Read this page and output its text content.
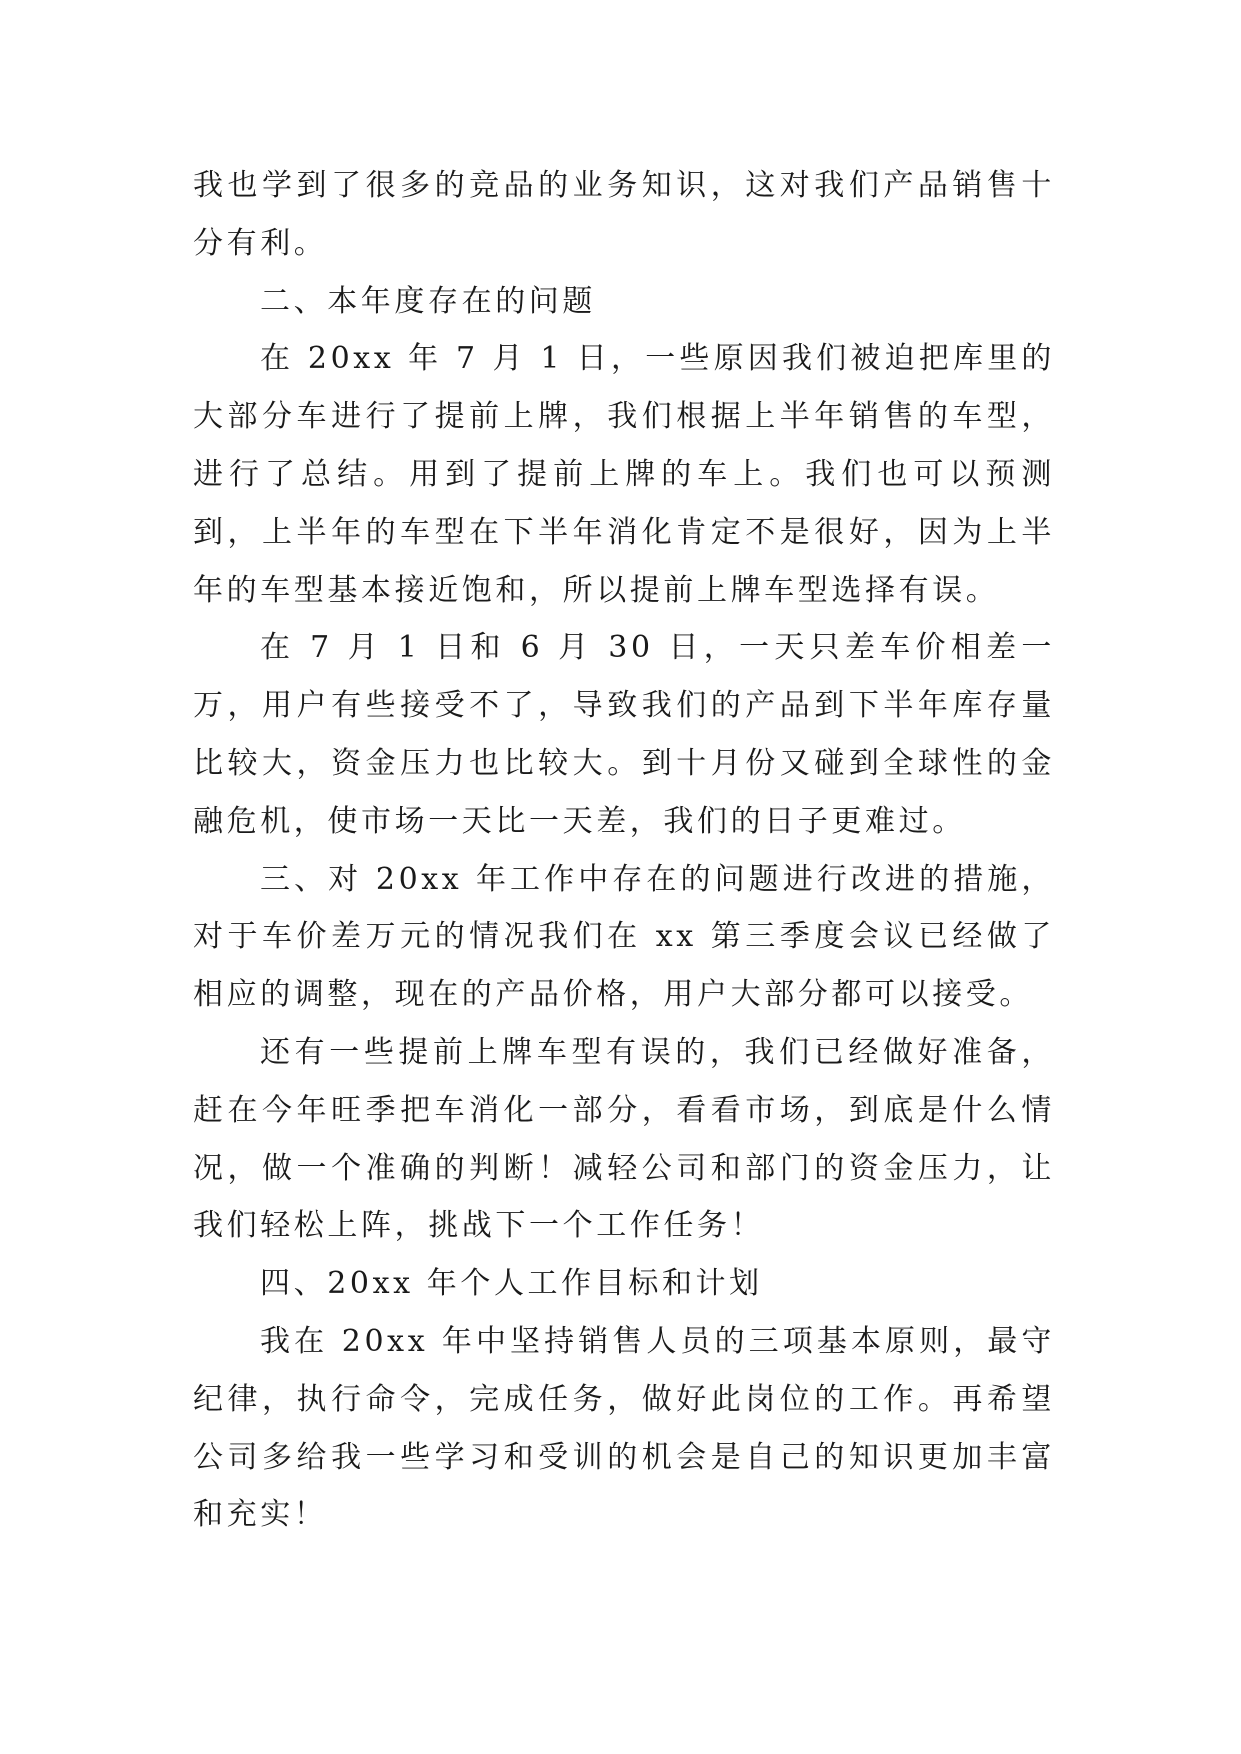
我也学到了很多的竞品的业务知识，这对我们产品销售十分有利。

二、本年度存在的问题

在 20xx 年 7 月 1 日，一些原因我们被迫把库里的大部分车进行了提前上牌，我们根据上半年销售的车型，进行了总结。用到了提前上牌的车上。我们也可以预测到，上半年的车型在下半年消化肯定不是很好，因为上半年的车型基本接近饱和，所以提前上牌车型选择有误。

在 7 月 1 日和 6 月 30 日，一天只差车价相差一万，用户有些接受不了，导致我们的产品到下半年库存量比较大，资金压力也比较大。到十月份又碰到全球性的金融危机，使市场一天比一天差，我们的日子更难过。

三、对 20xx 年工作中存在的问题进行改进的措施，对于车价差万元的情况我们在 xx 第三季度会议已经做了相应的调整，现在的产品价格，用户大部分都可以接受。

还有一些提前上牌车型有误的，我们已经做好准备，赶在今年旺季把车消化一部分，看看市场，到底是什么情况，做一个准确的判断！减轻公司和部门的资金压力，让我们轻松上阵，挑战下一个工作任务！

四、20xx 年个人工作目标和计划

我在 20xx 年中坚持销售人员的三项基本原则，最守纪律，执行命令，完成任务，做好此岗位的工作。再希望公司多给我一些学习和受训的机会是自己的知识更加丰富和充实！
